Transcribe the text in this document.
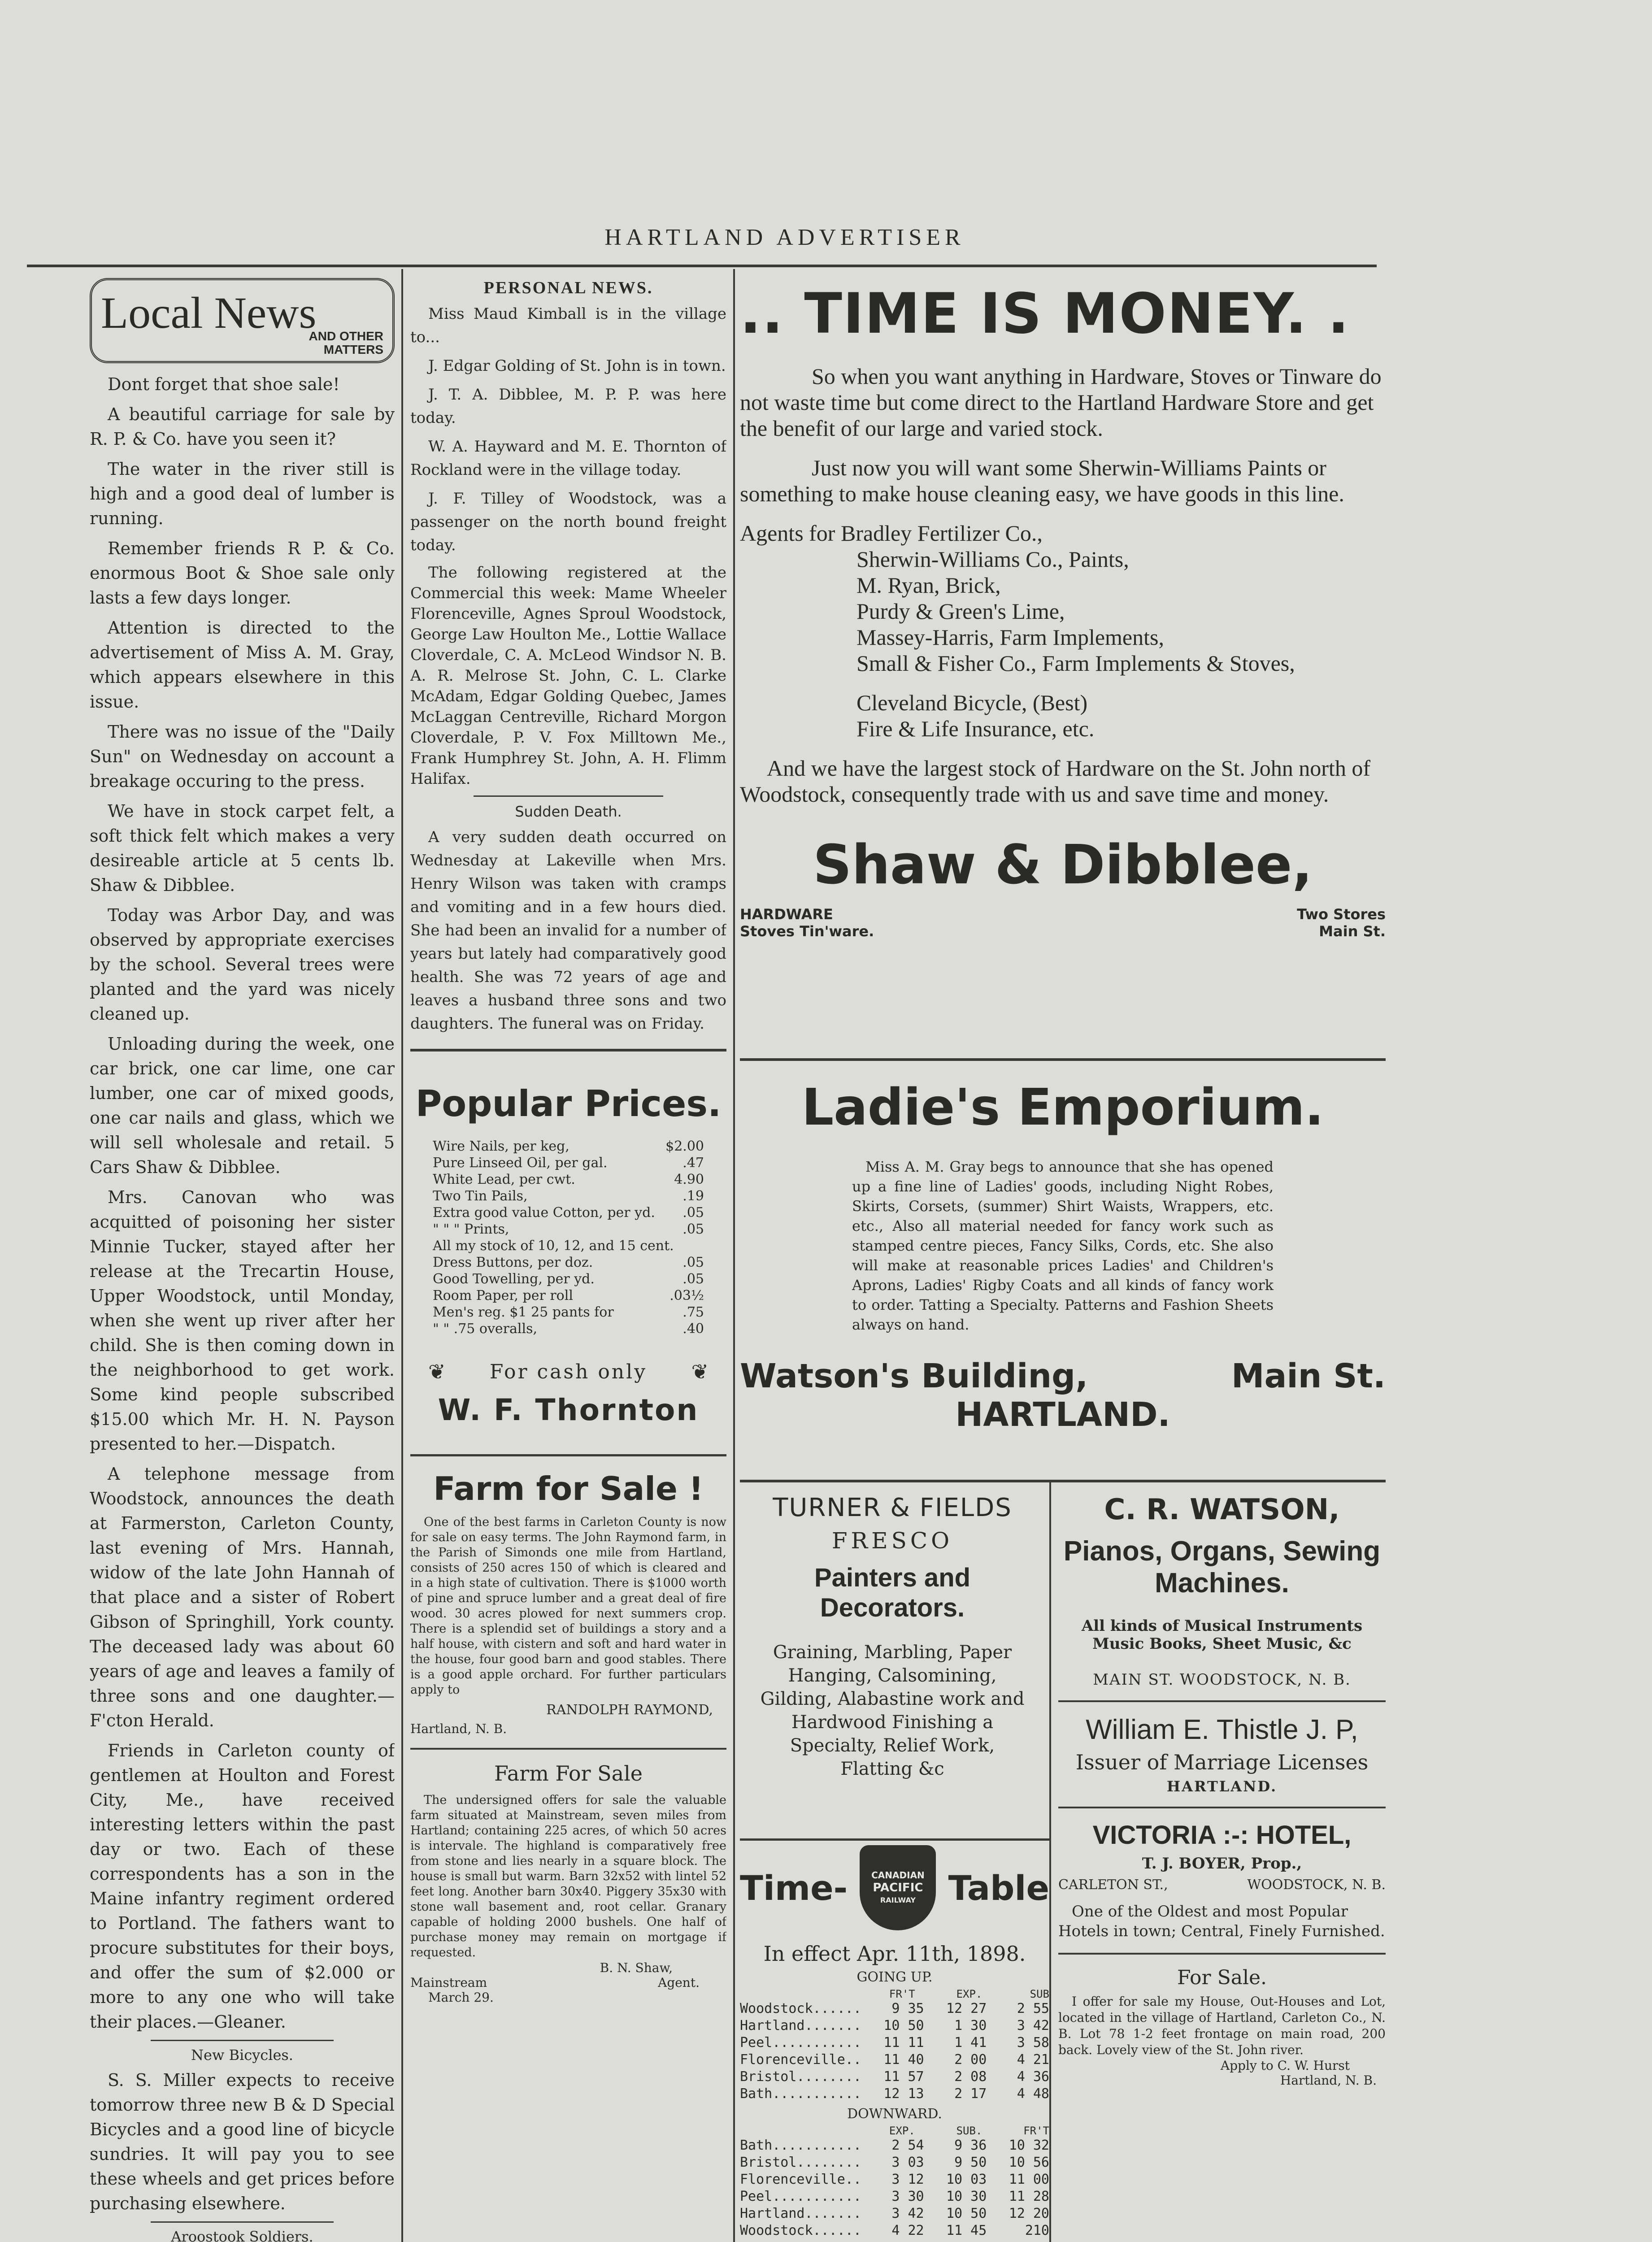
HARTLAND ADVERTISER
Local News
AND OTHER MATTERS

Dont forget that shoe sale!

A beautiful carriage for sale by R. P. & Co. have you seen it?

The water in the river still is high and a good deal of lumber is running.

Remember friends R P. & Co. enormous Boot & Shoe sale only lasts a few days longer.

Attention is directed to the advertisement of Miss A. M. Gray, which appears elsewhere in this issue.

There was no issue of the "Daily Sun" on Wednesday on account a breakage occuring to the press.

We have in stock carpet felt, a soft thick felt which makes a very desireable article at 5 cents lb. Shaw & Dibblee.

Today was Arbor Day, and was observed by appropriate exercises by the school. Several trees were planted and the yard was nicely cleaned up.

Unloading during the week, one car brick, one car lime, one car lumber, one car of mixed goods, one car nails and glass, which we will sell wholesale and retail. 5 Cars Shaw & Dibblee.

Mrs. Canovan who was acquitted of poisoning her sister Minnie Tucker, stayed after her release at the Trecartin House, Upper Woodstock, until Monday, when she went up river after her child. She is then coming down in the neighborhood to get work. Some kind people subscribed $15.00 which Mr. H. N. Payson presented to her.—Dispatch.

A telephone message from Woodstock, announces the death at Farmerston, Carleton County, last evening of Mrs. Hannah, widow of the late John Hannah of that place and a sister of Robert Gibson of Springhill, York county. The deceased lady was about 60 years of age and leaves a family of three sons and one daughter.—F'cton Herald.

Friends in Carleton county of gentlemen at Houlton and Forest City, Me., have received interesting letters within the past day or two. Each of these correspondents has a son in the Maine infantry regiment ordered to Portland. The fathers want to procure substitutes for their boys, and offer the sum of $2.000 or more to any one who will take their places.—Gleaner.

New Bicycles.

S. S. Miller expects to receive tomorrow three new B & D Special Bicycles and a good line of bicycle sundries. It will pay you to see these wheels and get prices before purchasing elsewhere.

Aroostook Soldiers.

PERSONAL NEWS.

Miss Maud Kimball is in the village to...

J. Edgar Golding of St. John is in town.

J. T. A. Dibblee, M. P. P. was here today.

W. A. Hayward and M. E. Thornton of Rockland were in the village today.

J. F. Tilley of Woodstock, was a passenger on the north bound freight today.

The following registered at the Commercial this week: Mame Wheeler Florenceville, Agnes Sproul Woodstock, George Law Houlton Me., Lottie Wallace Cloverdale, C. A. McLeod Windsor N. B. A. R. Melrose St. John, C. L. Clarke McAdam, Edgar Golding Quebec, James McLaggan Centreville, Richard Morgon Cloverdale, P. V. Fox Milltown Me., Frank Humphrey St. John, A. H. Flimm Halifax.

Sudden Death.

A very sudden death occurred on Wednesday at Lakeville when Mrs. Henry Wilson was taken with cramps and vomiting and in a few hours died. She had been an invalid for a number of years but lately had comparatively good health. She was 72 years of age and leaves a husband three sons and two daughters. The funeral was on Friday.

Popular Prices.
Wire Nails, per keg,	$2.00
Pure Linseed Oil, per gal.	.47
White Lead, per cwt.	4.90
Two Tin Pails,	.19
Extra good value Cotton, per yd. .05
" " " Prints,	.05
All my stock of 10, 12, and 15 cent.
Dress Buttons, per doz.	.05
Good Towelling, per yd.	.05
Room Paper, per roll	.03½
Men's reg. $1 25 pants for	.75
" " .75 overalls,	.40
❦ For cash only ❦
W. F. Thornton
Farm for Sale !

One of the best farms in Carleton County is now for sale on easy terms. The John Raymond farm, in the Parish of Simonds one mile from Hartland, consists of 250 acres 150 of which is cleared and in a high state of cultivation. There is $1000 worth of pine and spruce lumber and a great deal of fire wood. 30 acres plowed for next summers crop. There is a splendid set of buildings a story and a half house, with cistern and soft and hard water in the house, four good barn and good stables. There is a good apple orchard. For further particulars apply to

RANDOLPH RAYMOND,
Hartland, N. B.
Farm For Sale

The undersigned offers for sale the valuable farm situated at Mainstream, seven miles from Hartland; containing 225 acres, of which 50 acres is intervale. The highland is comparatively free from stone and lies nearly in a square block. The house is small but warm. Barn 32x52 with lintel 52 feet long. Another barn 30x40. Piggery 35x30 with stone wall basement and, root cellar. Granary capable of holding 2000 bushels. One half of purchase money may remain on mortgage if requested.

B. N. Shaw,
Mainstream	Agent.
March 29.
.. TIME IS MONEY. .

So when you want anything in Hardware, Stoves or Tinware do not waste time but come direct to the Hartland Hardware Store and get the benefit of our large and varied stock.

Just now you will want some Sherwin-Williams Paints or something to make house cleaning easy, we have goods in this line.

Agents for Bradley Fertilizer Co.,
Sherwin-Williams Co., Paints,
M. Ryan, Brick,
Purdy & Green's Lime,
Massey-Harris, Farm Implements,
Small & Fisher Co., Farm Implements & Stoves,
Cleveland Bicycle, (Best)
Fire & Life Insurance, etc.

And we have the largest stock of Hardware on the St. John north of Woodstock, consequently trade with us and save time and money.

Shaw & Dibblee,
HARDWARE
Stoves Tin'ware.
Two Stores
Main St.
Ladie's Emporium.

Miss A. M. Gray begs to announce that she has opened up a fine line of Ladies' goods, including Night Robes, Skirts, Corsets, (summer) Shirt Waists, Wrappers, etc. etc., Also all material needed for fancy work such as stamped centre pieces, Fancy Silks, Cords, etc. She also will make at reasonable prices Ladies' and Children's Aprons, Ladies' Rigby Coats and all kinds of fancy work to order. Tatting a Specialty. Patterns and Fashion Sheets always on hand.

Watson's Building,	Main St.
HARTLAND.
TURNER & FIELDS
FRESCO
Painters and Decorators.

Graining, Marbling, Paper Hanging, Calsomining, Gilding, Alabastine work and Hardwood Finishing a Specialty, Relief Work, Flatting &c

Time-	CANADIAN
PACIFIC
RAILWAY Table
In effect Apr. 11th, 1898.
GOING UP.
FR'T	EXP.	SUB
Woodstock......	9 35	12 27	2 55
Hartland.......	10 50	1 30	3 42
Peel...........	11 11	1 41	3 58
Florenceville..	11 40	2 00	4 21
Bristol........	11 57	2 08	4 36
Bath...........	12 13	2 17	4 48
DOWNWARD.
EXP.	SUB.	FR'T
Bath...........	2 54	9 36	10 32
Bristol........	3 03	9 50	10 56
Florenceville..	3 12	10 03	11 00
Peel...........	3 30	10 30	11 28
Hartland.......	3 42	10 50	12 20
Woodstock......	4 22	11 45	210
C. R. WATSON,
Pianos, Organs, Sewing
Machines.
All kinds of Musical Instruments
Music Books, Sheet Music, &c
MAIN ST. WOODSTOCK, N. B.
William E. Thistle J. P,
Issuer of Marriage Licenses
HARTLAND.
VICTORIA :-: HOTEL,
T. J. BOYER, Prop.,
CARLETON ST.,	WOODSTOCK, N. B.

One of the Oldest and most Popular Hotels in town; Central, Finely Furnished.

For Sale.

I offer for sale my House, Out-Houses and Lot, located in the village of Hartland, Carleton Co., N. B. Lot 78 1-2 feet frontage on main road, 200 back. Lovely view of the St. John river.

Apply to C. W. Hurst
Hartland, N. B.
